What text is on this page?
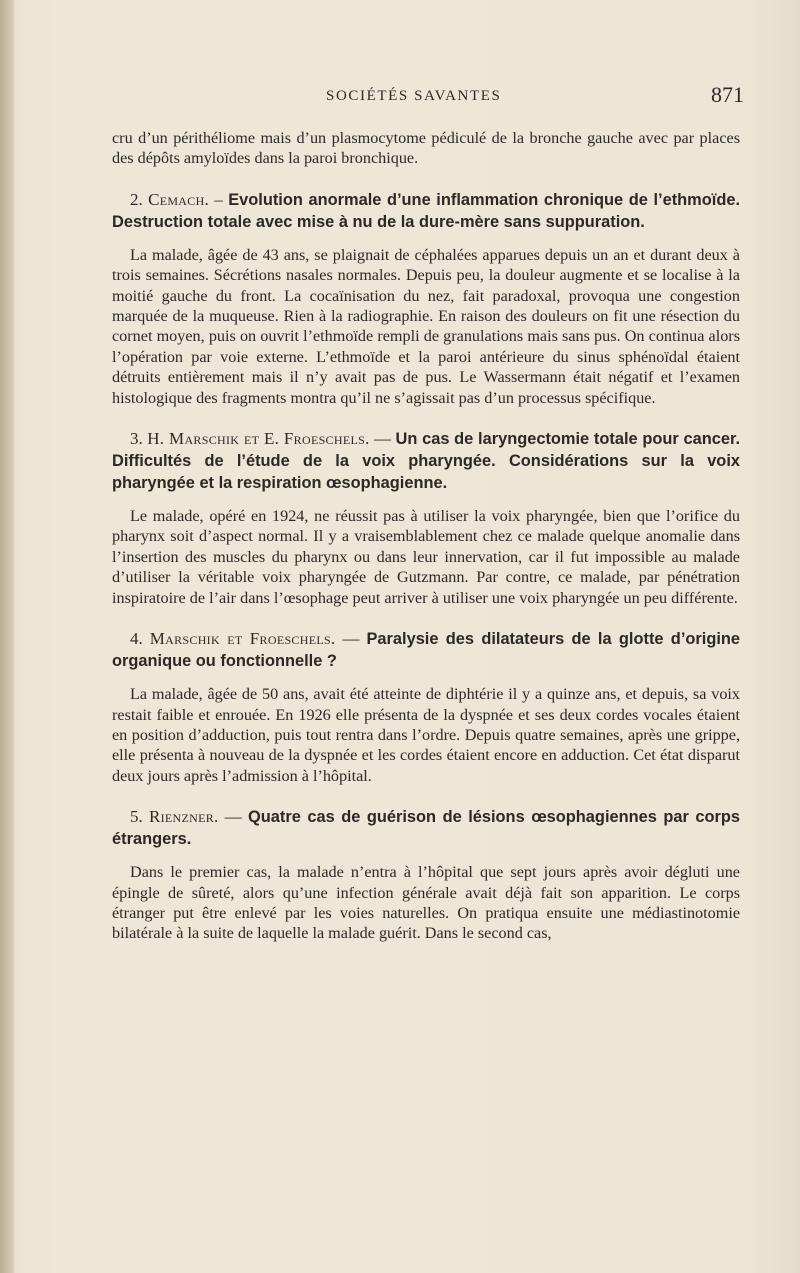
SOCIÉTÉS SAVANTES	871

cru d’un périthéliome mais d’un plasmocytome pédiculé de la bronche gauche avec par places des dépôts amyloïdes dans la paroi bronchique.

2. Cemach. – Evolution anormale d’une inflammation chronique de l’ethmoïde. Destruction totale avec mise à nu de la dure-mère sans suppuration.

La malade, âgée de 43 ans, se plaignait de céphalées apparues depuis un an et durant deux à trois semaines. Sécrétions nasales normales. Depuis peu, la douleur augmente et se localise à la moitié gauche du front. La cocaïnisation du nez, fait paradoxal, provoqua une congestion marquée de la muqueuse. Rien à la radiographie. En raison des douleurs on fit une résection du cornet moyen, puis on ouvrit l’ethmoïde rempli de granulations mais sans pus. On continua alors l’opération par voie externe. L’ethmoïde et la paroi antérieure du sinus sphénoïdal étaient détruits entièrement mais il n’y avait pas de pus. Le Wassermann était négatif et l’examen histologique des fragments montra qu’il ne s’agissait pas d’un processus spécifique.

3. H. Marschik et E. Froeschels. — Un cas de laryngectomie totale pour cancer. Difficultés de l’étude de la voix pharyngée. Considérations sur la voix pharyngée et la respiration œsophagienne.

Le malade, opéré en 1924, ne réussit pas à utiliser la voix pharyngée, bien que l’orifice du pharynx soit d’aspect normal. Il y a vraisemblablement chez ce malade quelque anomalie dans l’insertion des muscles du pharynx ou dans leur innervation, car il fut impossible au malade d’utiliser la véritable voix pharyngée de Gutzmann. Par contre, ce malade, par pénétration inspiratoire de l’air dans l’œsophage peut arriver à utiliser une voix pharyngée un peu différente.

4. Marschik et Froeschels. — Paralysie des dilatateurs de la glotte d’origine organique ou fonctionnelle ?

La malade, âgée de 50 ans, avait été atteinte de diphtérie il y a quinze ans, et depuis, sa voix restait faible et enrouée. En 1926 elle présenta de la dyspnée et ses deux cordes vocales étaient en position d’adduction, puis tout rentra dans l’ordre. Depuis quatre semaines, après une grippe, elle présenta à nouveau de la dyspnée et les cordes étaient encore en adduction. Cet état disparut deux jours après l’admission à l’hôpital.

5. Rienzner. — Quatre cas de guérison de lésions œsophagiennes par corps étrangers.

Dans le premier cas, la malade n’entra à l’hôpital que sept jours après avoir dégluti une épingle de sûreté, alors qu’une infection générale avait déjà fait son apparition. Le corps étranger put être enlevé par les voies naturelles. On pratiqua ensuite une médiastinotomie bilatérale à la suite de laquelle la malade guérit. Dans le second cas,
